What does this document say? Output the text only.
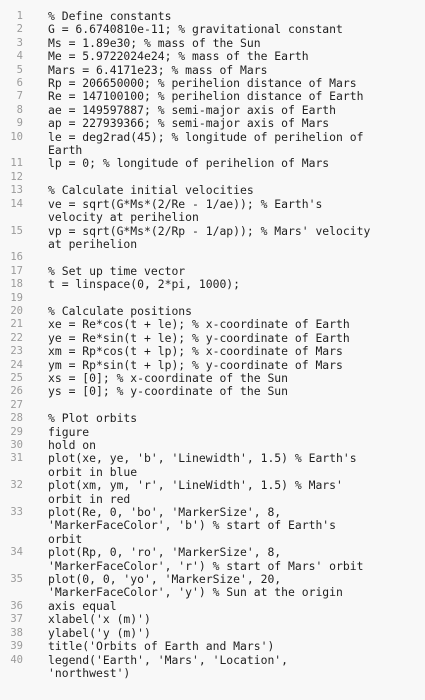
1 % Define constants
2 G = 6.6740810e-11; % gravitational constant
3 Ms = 1.89e30; % mass of the Sun
4 Me = 5.9722024e24; % mass of the Earth
5 Mars = 6.4171e23; % mass of Mars
6 Rp = 206650000; % perihelion distance of Mars
7 Re = 147100100; % perihelion distance of Earth
8 ae = 149597887; % semi-major axis of Earth
9 ap = 227939366; % semi-major axis of Mars
10 le = deg2rad(45); % longitude of perihelion of
Earth
11 lp = 0; % longitude of perihelion of Mars
12
13 % Calculate initial velocities
14 ve = sqrt(G*Ms*(2/Re - 1/ae)); % Earth's
velocity at perihelion
15 vp = sqrt(G*Ms*(2/Rp - 1/ap)); % Mars' velocity
at perihelion
16
17 % Set up time vector
18 t = linspace(0, 2*pi, 1000);
19
20 % Calculate positions
21 xe = Re*cos(t + le); % x-coordinate of Earth
22 ye = Re*sin(t + le); % y-coordinate of Earth
23 xm = Rp*cos(t + lp); % x-coordinate of Mars
24 ym = Rp*sin(t + lp); % y-coordinate of Mars
25 xs = [0]; % x-coordinate of the Sun
26 ys = [0]; % y-coordinate of the Sun
27
28 % Plot orbits
29 figure
30 hold on
31 plot(xe, ye, 'b', 'Linewidth', 1.5) % Earth's
orbit in blue
32 plot(xm, ym, 'r', 'LineWidth', 1.5) % Mars'
orbit in red
33 plot(Re, 0, 'bo', 'MarkerSize', 8,
'MarkerFaceColor', 'b') % start of Earth's
orbit
34 plot(Rp, 0, 'ro', 'MarkerSize', 8,
'MarkerFaceColor', 'r') % start of Mars' orbit
35 plot(0, 0, 'yo', 'MarkerSize', 20,
'MarkerFaceColor', 'y') % Sun at the origin
36 axis equal
37 xlabel('x (m)')
38 ylabel('y (m)')
39 title('Orbits of Earth and Mars')
40 legend('Earth', 'Mars', 'Location',
'northwest')
